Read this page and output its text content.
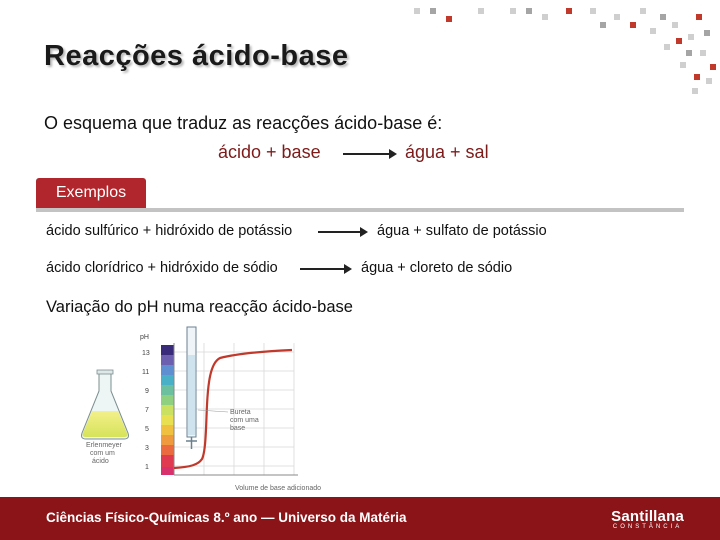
Reacções ácido-base
O esquema que traduz as reacções ácido-base é:
ácido + base	água + sal
Exemplos
ácido sulfúrico + hidróxido de potássio	água + sulfato de potássio
ácido clorídrico + hidróxido de sódio	água + cloreto de sódio
Variação do pH numa reacção ácido-base
pH
13
11
9
7
5
3
1
Bureta
com uma
base
Erlenmeyer
com um
ácido
Volume de base adicionado
Ciências Físico-Químicas 8.º ano — Universo da Matéria	Santillana
CONSTÂNCIA
